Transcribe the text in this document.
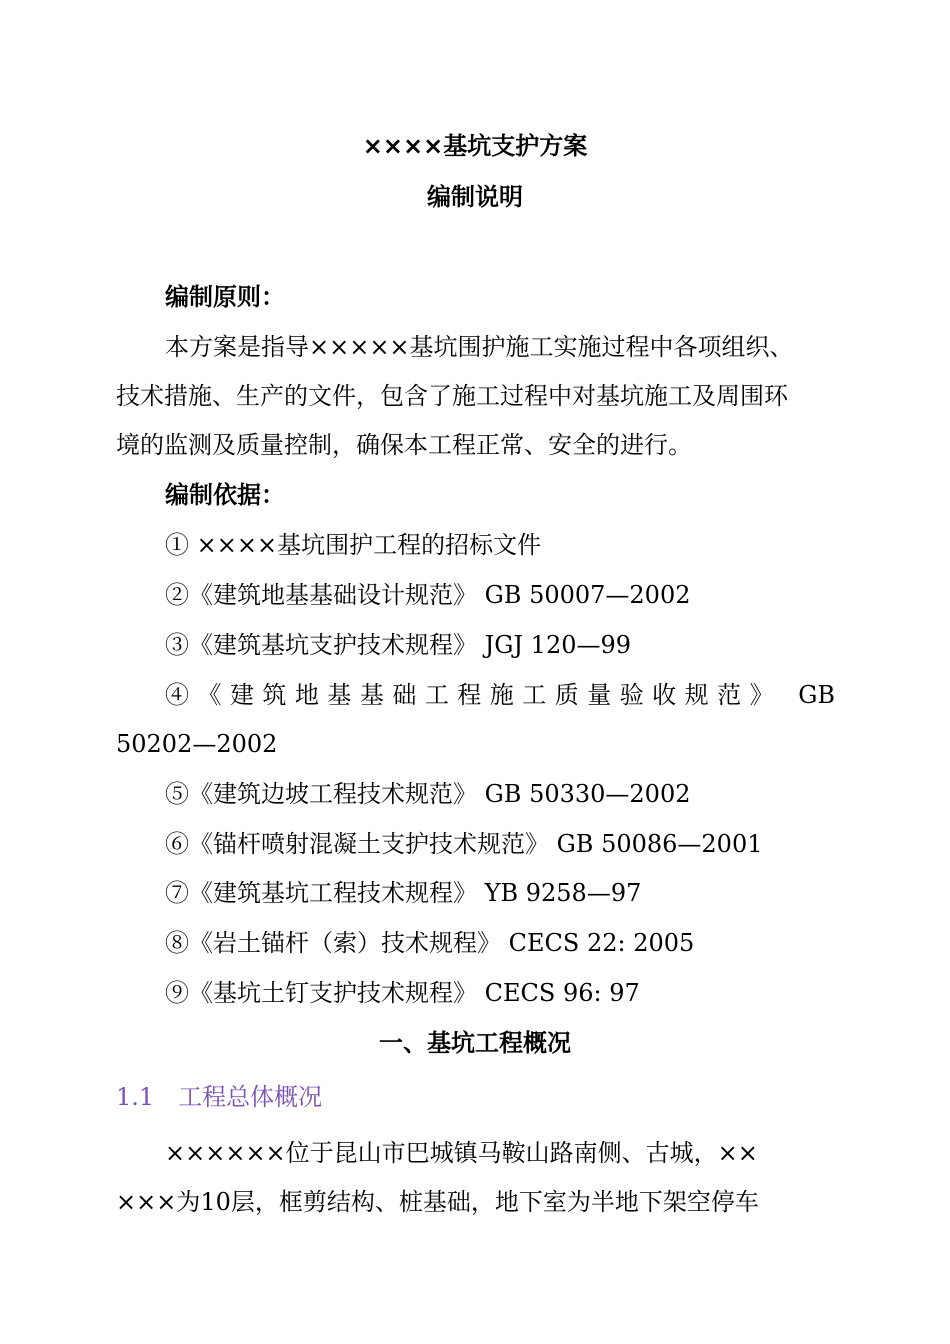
××××基坑支护方案
编制说明
编制原则：
本方案是指导×××××基坑围护施工实施过程中各项组织、
技术措施、生产的文件，包含了施工过程中对基坑施工及周围环
境的监测及质量控制，确保本工程正常、安全的进行。
编制依据：
① ××××基坑围护工程的招标文件
②《建筑地基基础设计规范》 GB 50007—2002
③《建筑基坑支护技术规程》 JGJ 120—99
④《建筑地基基础工程施工质量验收规范》 GB
50202—2002
⑤《建筑边坡工程技术规范》 GB 50330—2002
⑥《锚杆喷射混凝土支护技术规范》 GB 50086—2001
⑦《建筑基坑工程技术规程》 YB 9258—97
⑧《岩土锚杆（索）技术规程》 CECS 22: 2005
⑨《基坑土钉支护技术规程》 CECS 96: 97
一、基坑工程概况
1.1　工程总体概况
××××××位于昆山市巴城镇马鞍山路南侧、古城，××
×××为10层，框剪结构、桩基础，地下室为半地下架空停车
